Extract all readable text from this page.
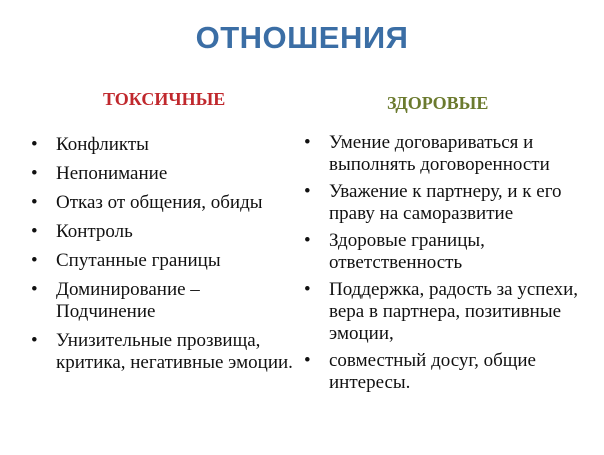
ОТНОШЕНИЯ
ТОКСИЧНЫЕ	ЗДОРОВЫЕ
• Конфликты
• Непонимание
• Отказ от общения, обиды
• Контроль
• Спутанные границы
• Доминирование – Подчинение
• Унизительные прозвища, критика, негативные эмоции.
• Умение договариваться и выполнять договоренности
• Уважение к партнеру, и к его праву на саморазвитие
• Здоровые границы, ответственность
• Поддержка, радость за успехи, вера в партнера, позитивные эмоции,
• совместный досуг, общие интересы.
